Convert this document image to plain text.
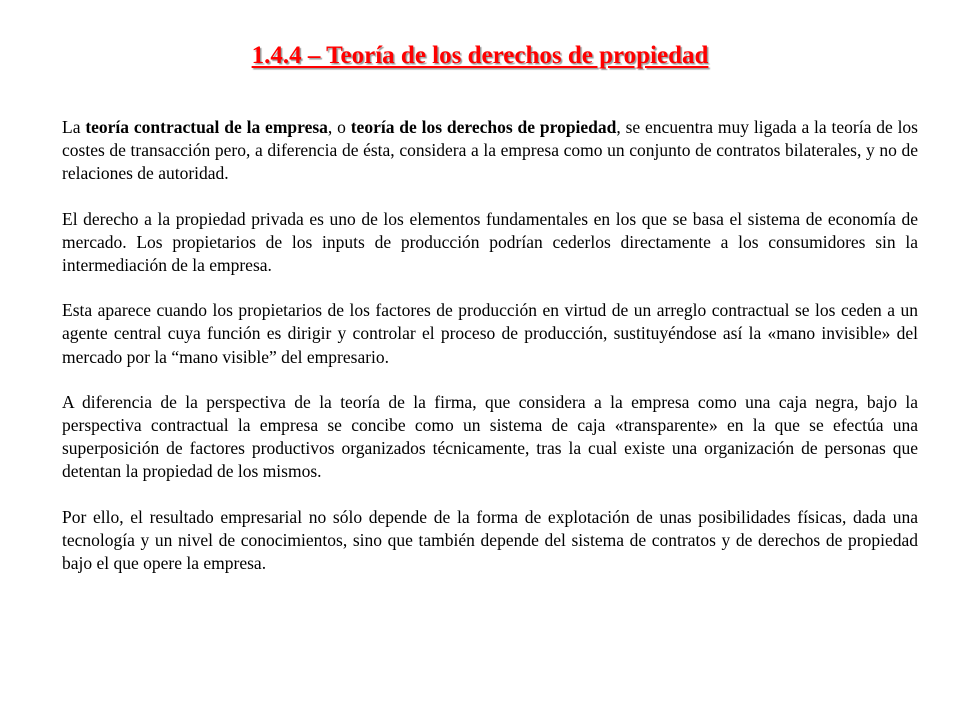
1.4.4 – Teoría de los derechos de propiedad

La teoría contractual de la empresa, o teoría de los derechos de propiedad, se encuentra muy ligada a la teoría de los costes de transacción pero, a diferencia de ésta, considera a la empresa como un conjunto de contratos bilaterales, y no de relaciones de autoridad.

El derecho a la propiedad privada es uno de los elementos fundamentales en los que se basa el sistema de economía de mercado. Los propietarios de los inputs de producción podrían cederlos directamente a los consumidores sin la intermediación de la empresa.

Esta aparece cuando los propietarios de los factores de producción en virtud de un arreglo contractual se los ceden a un agente central cuya función es dirigir y controlar el proceso de producción, sustituyéndose así la «mano invisible» del mercado por la “mano visible” del empresario.

A diferencia de la perspectiva de la teoría de la firma, que considera a la empresa como una caja negra, bajo la perspectiva contractual la empresa se concibe como un sistema de caja «transparente» en la que se efectúa una superposición de factores productivos organizados técnicamente, tras la cual existe una organización de personas que detentan la propiedad de los mismos.

Por ello, el resultado empresarial no sólo depende de la forma de explotación de unas posibilidades físicas, dada una tecnología y un nivel de conocimientos, sino que también depende del sistema de contratos y de derechos de propiedad bajo el que opere la empresa.
